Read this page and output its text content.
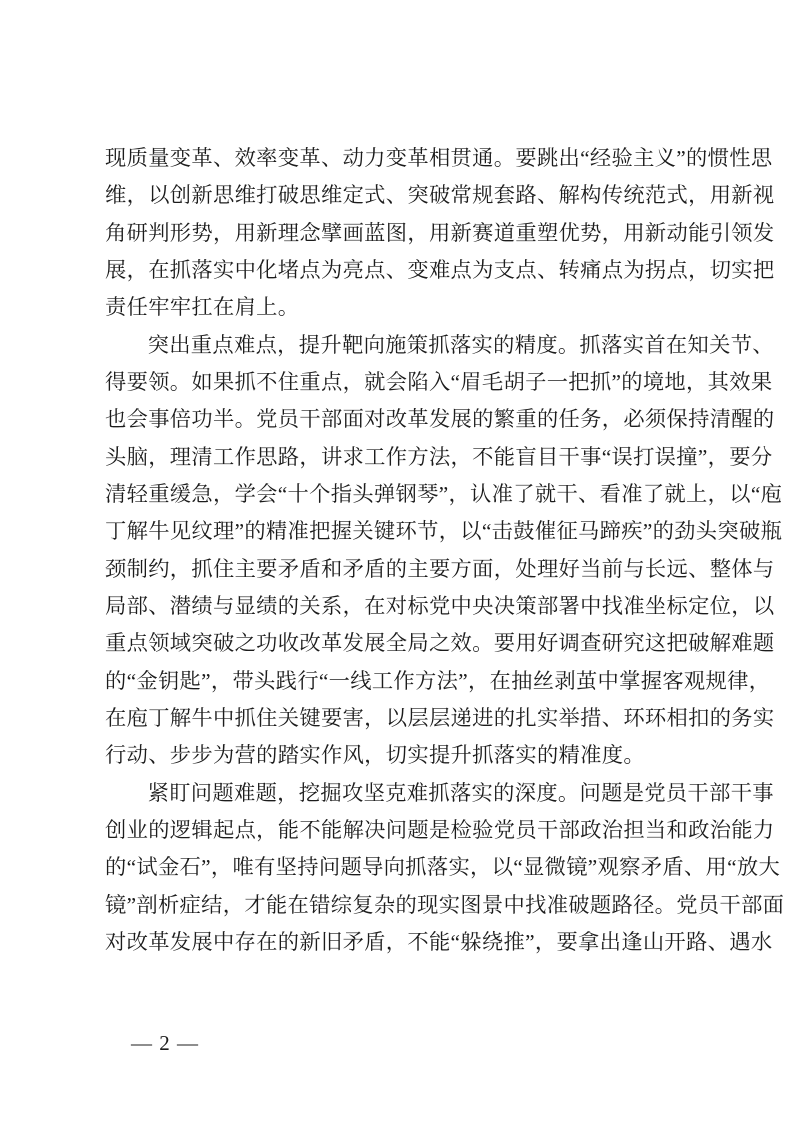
现质量变革、效率变革、动力变革相贯通。要跳出“经验主义”的惯性思
维，以创新思维打破思维定式、突破常规套路、解构传统范式，用新视
角研判形势，用新理念擘画蓝图，用新赛道重塑优势，用新动能引领发
展，在抓落实中化堵点为亮点、变难点为支点、转痛点为拐点，切实把
责任牢牢扛在肩上。
突出重点难点，提升靶向施策抓落实的精度。抓落实首在知关节、
得要领。如果抓不住重点，就会陷入“眉毛胡子一把抓”的境地，其效果
也会事倍功半。党员干部面对改革发展的繁重的任务，必须保持清醒的
头脑，理清工作思路，讲求工作方法，不能盲目干事“误打误撞”，要分
清轻重缓急，学会“十个指头弹钢琴”，认准了就干、看准了就上，以“庖
丁解牛见纹理”的精准把握关键环节，以“击鼓催征马蹄疾”的劲头突破瓶
颈制约，抓住主要矛盾和矛盾的主要方面，处理好当前与长远、整体与
局部、潜绩与显绩的关系，在对标党中央决策部署中找准坐标定位，以
重点领域突破之功收改革发展全局之效。要用好调查研究这把破解难题
的“金钥匙”，带头践行“一线工作方法”，在抽丝剥茧中掌握客观规律，
在庖丁解牛中抓住关键要害，以层层递进的扎实举措、环环相扣的务实
行动、步步为营的踏实作风，切实提升抓落实的精准度。
紧盯问题难题，挖掘攻坚克难抓落实的深度。问题是党员干部干事
创业的逻辑起点，能不能解决问题是检验党员干部政治担当和政治能力
的“试金石”，唯有坚持问题导向抓落实，以“显微镜”观察矛盾、用“放大
镜”剖析症结，才能在错综复杂的现实图景中找准破题路径。党员干部面
对改革发展中存在的新旧矛盾，不能“躲绕推”，要拿出逢山开路、遇水
— 2 —
